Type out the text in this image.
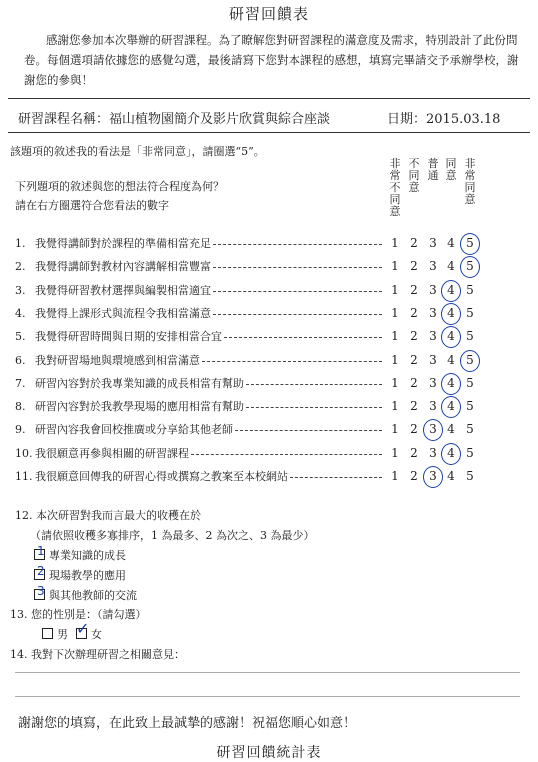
研習回饋表
感謝您參加本次舉辦的研習課程。為了瞭解您對研習課程的滿意度及需求，特別設計了此份問卷。每個選項請依據您的感覺勾選，最後請寫下您對本課程的感想，填寫完畢請交予承辦學校，謝謝您的參與！
研習課程名稱：福山植物園簡介及影片欣賞與綜合座談	日期：2015.03.18
該題項的敘述我的看法是「非常同意」，請圈選“5”。
下列題項的敘述與您的想法符合程度為何？
請在右方圈選符合您看法的數字
非常不同意
不同意
普通
同意
非常同意
1. 我覺得講師對於課程的準備相當充足	1 2 3 4 5
2. 我覺得講師對教材內容講解相當豐富	1 2 3 4 5
3. 我覺得研習教材選擇與編製相當適宜	1 2 3 4 5
4. 我覺得上課形式與流程令我相當滿意	1 2 3 4 5
5. 我覺得研習時間與日期的安排相當合宜	1 2 3 4 5
6. 我對研習場地與環境感到相當滿意	1 2 3 4 5
7. 研習內容對於我專業知識的成長相當有幫助	1 2 3 4 5
8. 研習內容對於我教學現場的應用相當有幫助	1 2 3 4 5
9. 研習內容我會回校推廣或分享給其他老師	1 2 3 4 5
10. 我很願意再參與相關的研習課程	1 2 3 4 5
11. 我很願意回傳我的研習心得或撰寫之教案至本校網站	1 2 3 4 5
12. 本次研習對我而言最大的收穫在於
（請依照收穫多寡排序，1 為最多、2 為次之、3 為最少）
專業知識的成長
1
現場教學的應用
2
與其他教師的交流
3
13. 您的性別是：（請勾選）
男	女
✓
14. 我對下次辦理研習之相關意見：
謝謝您的填寫，在此致上最誠摯的感謝！祝福您順心如意！
研習回饋統計表
